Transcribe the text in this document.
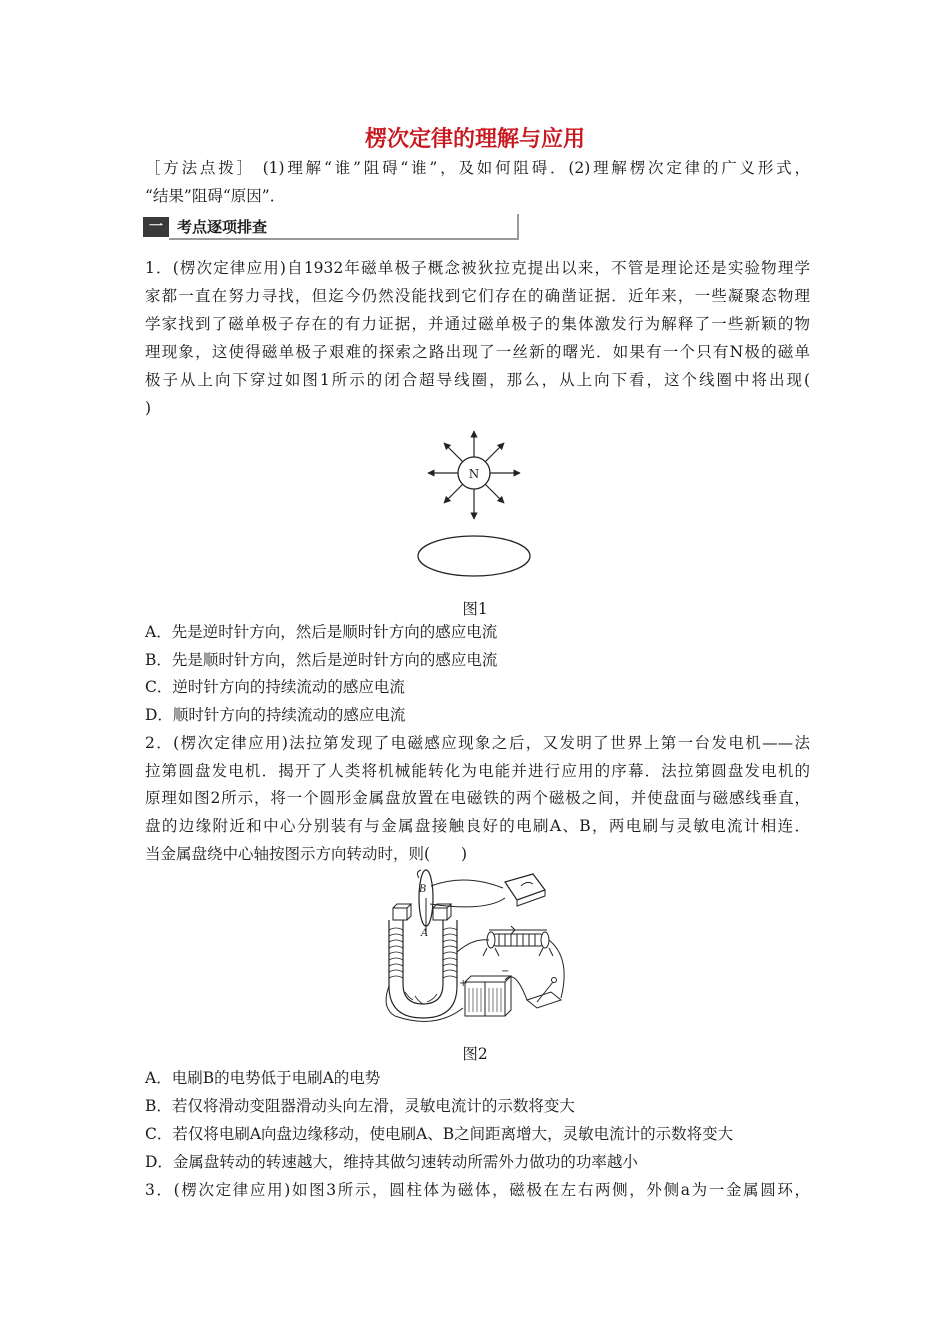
楞次定律的理解与应用
［方法点拨］ (1)理解“谁”阻碍“谁”，及如何阻碍．(2)理解楞次定律的广义形式，
“结果”阻碍“原因”．
一 考点逐项排查
1．(楞次定律应用)自1932年磁单极子概念被狄拉克提出以来，不管是理论还是实验物理学
家都一直在努力寻找，但迄今仍然没能找到它们存在的确凿证据．近年来，一些凝聚态物理
学家找到了磁单极子存在的有力证据，并通过磁单极子的集体激发行为解释了一些新颖的物
理现象，这使得磁单极子艰难的探索之路出现了一丝新的曙光．如果有一个只有N极的磁单
极子从上向下穿过如图1所示的闭合超导线圈，那么，从上向下看，这个线圈中将出现(
)
N
图1
A．先是逆时针方向，然后是顺时针方向的感应电流
B．先是顺时针方向，然后是逆时针方向的感应电流
C．逆时针方向的持续流动的感应电流
D．顺时针方向的持续流动的感应电流
2．(楞次定律应用)法拉第发现了电磁感应现象之后，又发明了世界上第一台发电机——法
拉第圆盘发电机．揭开了人类将机械能转化为电能并进行应用的序幕．法拉第圆盘发电机的
原理如图2所示，将一个圆形金属盘放置在电磁铁的两个磁极之间，并使盘面与磁感线垂直，
盘的边缘附近和中心分别装有与金属盘接触良好的电刷A、B，两电刷与灵敏电流计相连．
当金属盘绕中心轴按图示方向转动时，则(　　)
B
A
+
−
图2
A．电刷B的电势低于电刷A的电势
B．若仅将滑动变阻器滑动头向左滑，灵敏电流计的示数将变大
C．若仅将电刷A向盘边缘移动，使电刷A、B之间距离增大，灵敏电流计的示数将变大
D．金属盘转动的转速越大，维持其做匀速转动所需外力做功的功率越小
3．(楞次定律应用)如图3所示，圆柱体为磁体，磁极在左右两侧，外侧a为一金属圆环，
